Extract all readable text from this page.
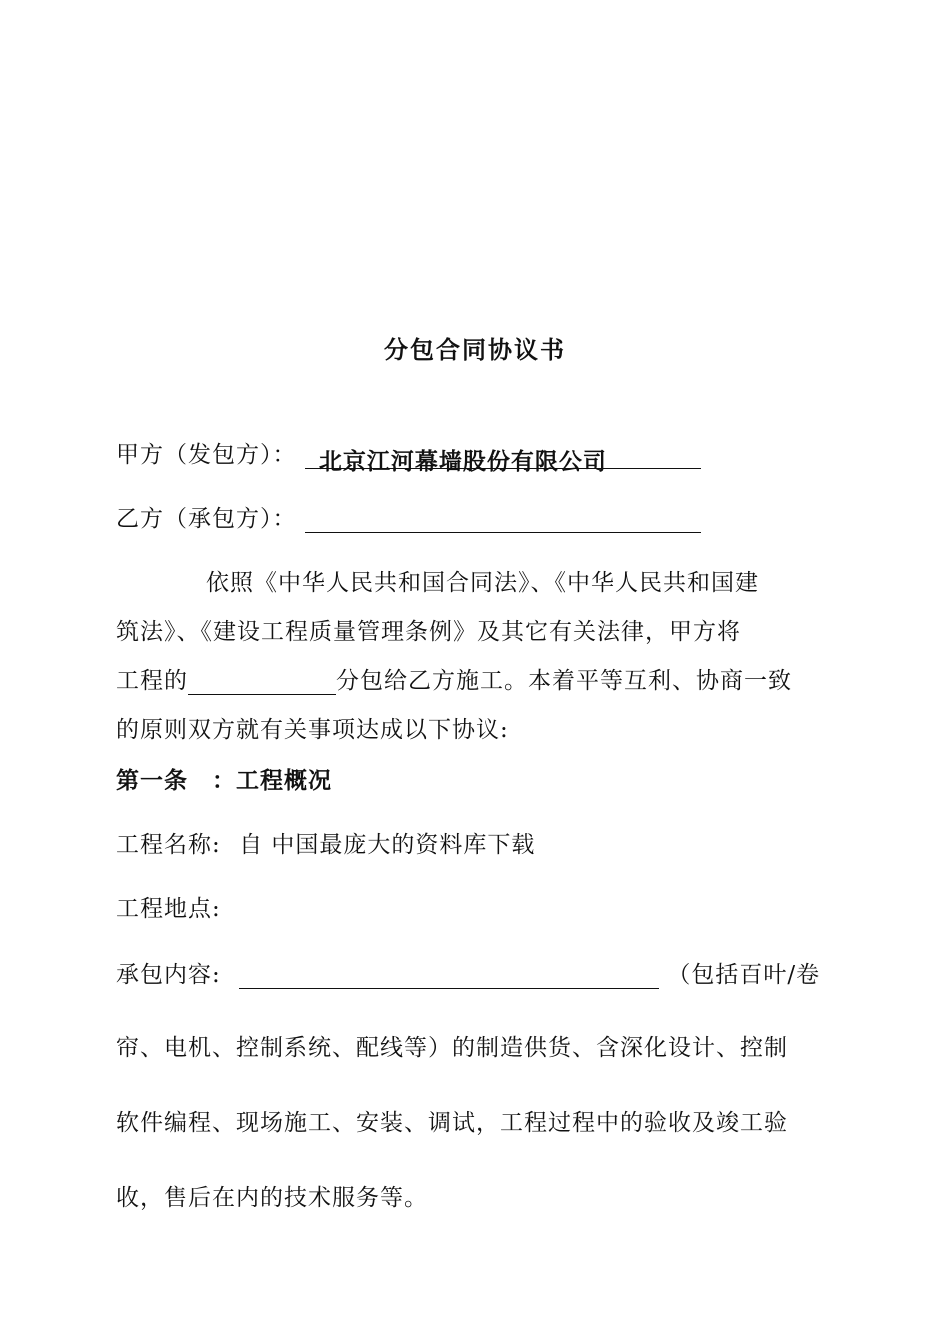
分包合同协议书
甲方（发包方）： 北京江河幕墙股份有限公司
乙方（承包方）：
依照《中华人民共和国合同法》、《中华人民共和国建
筑法》、《建设工程质量管理条例》及其它有关法律，甲方将
工程的	分包给乙方施工。本着平等互利、协商一致
的原则双方就有关事项达成以下协议:
第一条　：工程概况
工程名称: 自 中国最庞大的资料库下载
工程地点:
承包内容:	（包括百叶/卷
帘、电机、控制系统、配线等）的制造供货、含深化设计、控制
软件编程、现场施工、安装、调试，工程过程中的验收及竣工验
收，售后在内的技术服务等。
